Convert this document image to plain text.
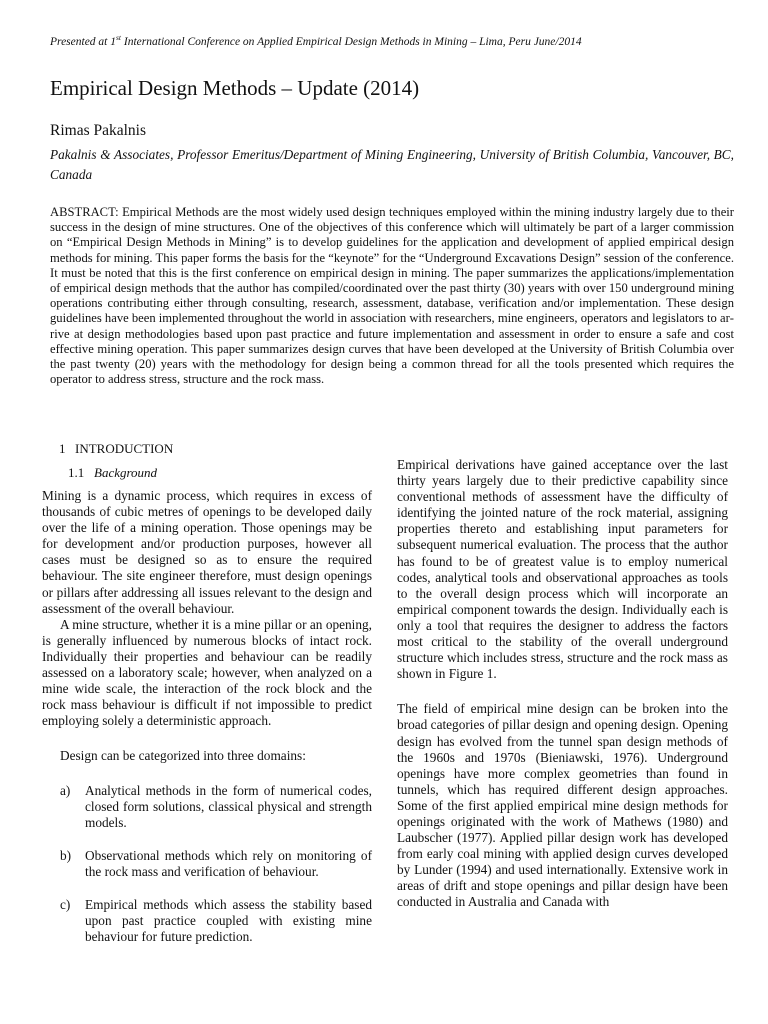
Presented at 1st International Conference on Applied Empirical Design Methods in Mining – Lima, Peru June/2014
Empirical Design Methods – Update (2014)
Rimas Pakalnis
Pakalnis & Associates, Professor Emeritus/Department of Mining Engineering, University of British Columbia, Vancouver, BC, Canada

ABSTRACT: Empirical Methods are the most widely used design techniques employed within the mining industry largely due to their success in the design of mine structures. One of the objectives of this conference which will ultimately be part of a larger commission on “Empirical Design Methods in Mining” is to develop guidelines for the application and development of applied empirical design methods for mining. This paper forms the basis for the “keynote” for the “Underground Excavations Design” session of the conference. It must be noted that this is the first conference on empirical design in mining. The paper summarizes the applications/implementation of empirical design methods that the author has compiled/coordinated over the past thirty (30) years with over 150 underground mining operations contributing either through consulting, research, assessment, database, verification and/or implementation. These design guidelines have been implemented throughout the world in association with researchers, mine engineers, operators and legislators to arrive at design methodologies based upon past practice and future implementation and assessment in order to ensure a safe and cost effective mining operation. This paper summarizes design curves that have been developed at the University of British Columbia over the past twenty (20) years with the methodology for design being a common thread for all the tools presented which requires the operator to address stress, structure and the rock mass.

1 INTRODUCTION
1.1 Background

Mining is a dynamic process, which requires in excess of thousands of cubic metres of openings to be developed daily over the life of a mining operation. Those openings may be for development and/or production purposes, however all cases must be designed so as to ensure the required behaviour. The site engineer therefore, must design openings or pillars after addressing all issues relevant to the design and assessment of the overall behaviour.

A mine structure, whether it is a mine pillar or an opening, is generally influenced by numerous blocks of intact rock. Individually their properties and behaviour can be readily assessed on a laboratory scale; however, when analyzed on a mine wide scale, the interaction of the rock block and the rock mass behaviour is difficult if not impossible to predict employing solely a deterministic approach.

Design can be categorized into three domains:

a)	Analytical methods in the form of numerical codes, closed form solutions, classical physical and strength models.
b)	Observational methods which rely on monitoring of the rock mass and verification of behaviour.
c)	Empirical methods which assess the stability based upon past practice coupled with existing mine behaviour for future prediction.

Empirical derivations have gained acceptance over the last thirty years largely due to their predictive capability since conventional methods of assessment have the difficulty of identifying the jointed nature of the rock material, assigning properties thereto and establishing input parameters for subsequent numerical evaluation. The process that the author has found to be of greatest value is to employ numerical codes, analytical tools and observational approaches as tools to the overall design process which will incorporate an empirical component towards the design. Individually each is only a tool that requires the designer to address the factors most critical to the stability of the overall underground structure which includes stress, structure and the rock mass as shown in Figure 1.

The field of empirical mine design can be broken into the broad categories of pillar design and opening design. Opening design has evolved from the tunnel span design methods of the 1960s and 1970s (Bieniawski, 1976). Underground openings have more complex geometries than found in tunnels, which has required different design approaches. Some of the first applied empirical mine design methods for openings originated with the work of Mathews (1980) and Laubscher (1977). Applied pillar design work has developed from early coal mining with applied design curves developed by Lunder (1994) and used internationally. Extensive work in areas of drift and stope openings and pillar design have been conducted in Australia and Canada with
